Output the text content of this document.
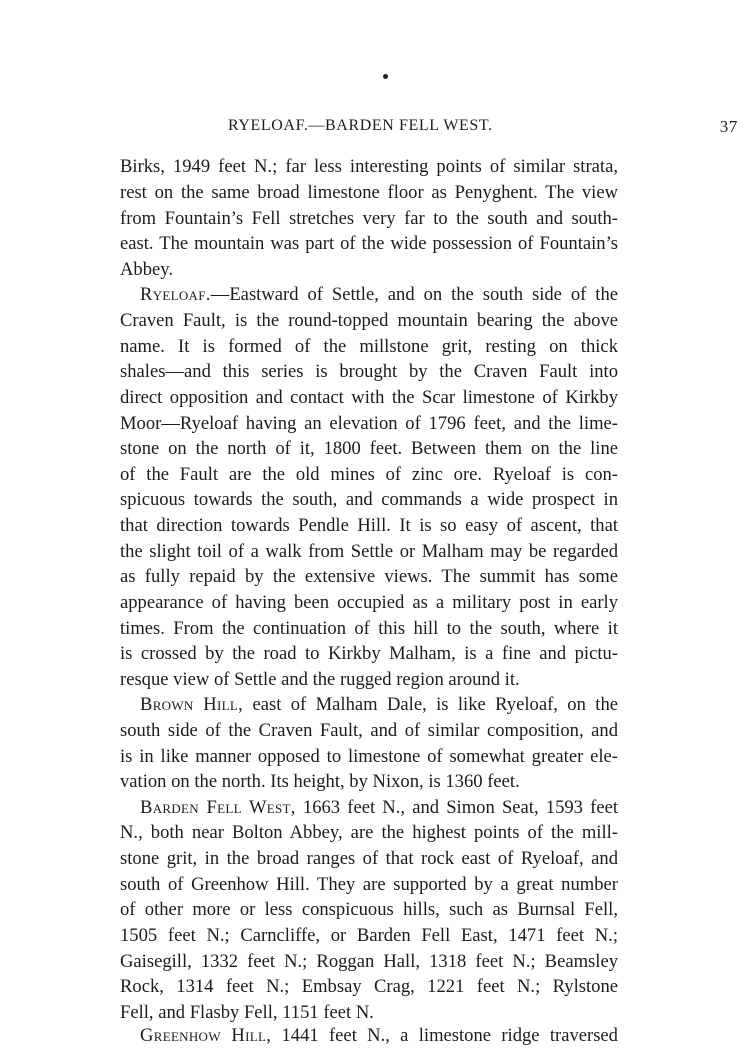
RYELOAF.—BARDEN FELL WEST.	37
Birks, 1949 feet N.; far less interesting points of similar strata,
rest on the same broad limestone floor as Penyghent. The view
from Fountain’s Fell stretches very far to the south and south-
east. The mountain was part of the wide possession of Fountain’s
Abbey.
Ryeloaf.—Eastward of Settle, and on the south side of the
Craven Fault, is the round-topped mountain bearing the above
name. It is formed of the millstone grit, resting on thick
shales—and this series is brought by the Craven Fault into
direct opposition and contact with the Scar limestone of Kirkby
Moor—Ryeloaf having an elevation of 1796 feet, and the lime-
stone on the north of it, 1800 feet. Between them on the line
of the Fault are the old mines of zinc ore. Ryeloaf is con-
spicuous towards the south, and commands a wide prospect in
that direction towards Pendle Hill. It is so easy of ascent, that
the slight toil of a walk from Settle or Malham may be regarded
as fully repaid by the extensive views. The summit has some
appearance of having been occupied as a military post in early
times. From the continuation of this hill to the south, where it
is crossed by the road to Kirkby Malham, is a fine and pictu-
resque view of Settle and the rugged region around it.
Brown Hill, east of Malham Dale, is like Ryeloaf, on the
south side of the Craven Fault, and of similar composition, and
is in like manner opposed to limestone of somewhat greater ele-
vation on the north. Its height, by Nixon, is 1360 feet.
Barden Fell West, 1663 feet N., and Simon Seat, 1593 feet
N., both near Bolton Abbey, are the highest points of the mill-
stone grit, in the broad ranges of that rock east of Ryeloaf, and
south of Greenhow Hill. They are supported by a great number
of other more or less conspicuous hills, such as Burnsal Fell,
1505 feet N.; Carncliffe, or Barden Fell East, 1471 feet N.;
Gaisegill, 1332 feet N.; Roggan Hall, 1318 feet N.; Beamsley
Rock, 1314 feet N.; Embsay Crag, 1221 feet N.; Rylstone
Fell, and Flasby Fell, 1151 feet N.
Greenhow Hill, 1441 feet N., a limestone ridge traversed
